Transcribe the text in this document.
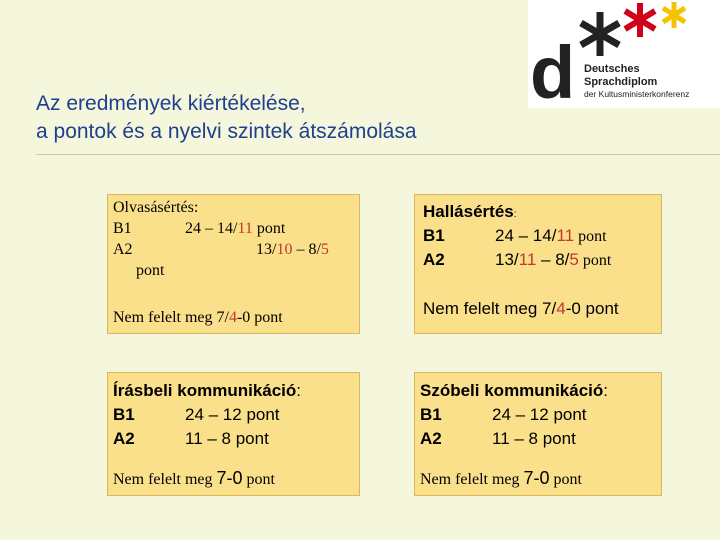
d Deutsches
Sprachdiplom
der Kultusministerkonferenz
Az eredmények kiértékelése,
a pontok és a nyelvi szintek átszámolása
Olvasásértés:
B1	24 – 14/11 pont
A2	13/10 – 8/5
pont
Nem felelt meg 7/4-0 pont
Hallásértés:
B1	24 – 14/11 pont
A2	13/11 – 8/5 pont
Nem felelt meg 7/4-0 pont
Írásbeli kommunikáció:
B1	24 – 12 pont
A2	11 – 8 pont
Nem felelt meg 7-0 pont
Szóbeli kommunikáció:
B1	24 – 12 pont
A2	11 – 8 pont
Nem felelt meg 7-0 pont
